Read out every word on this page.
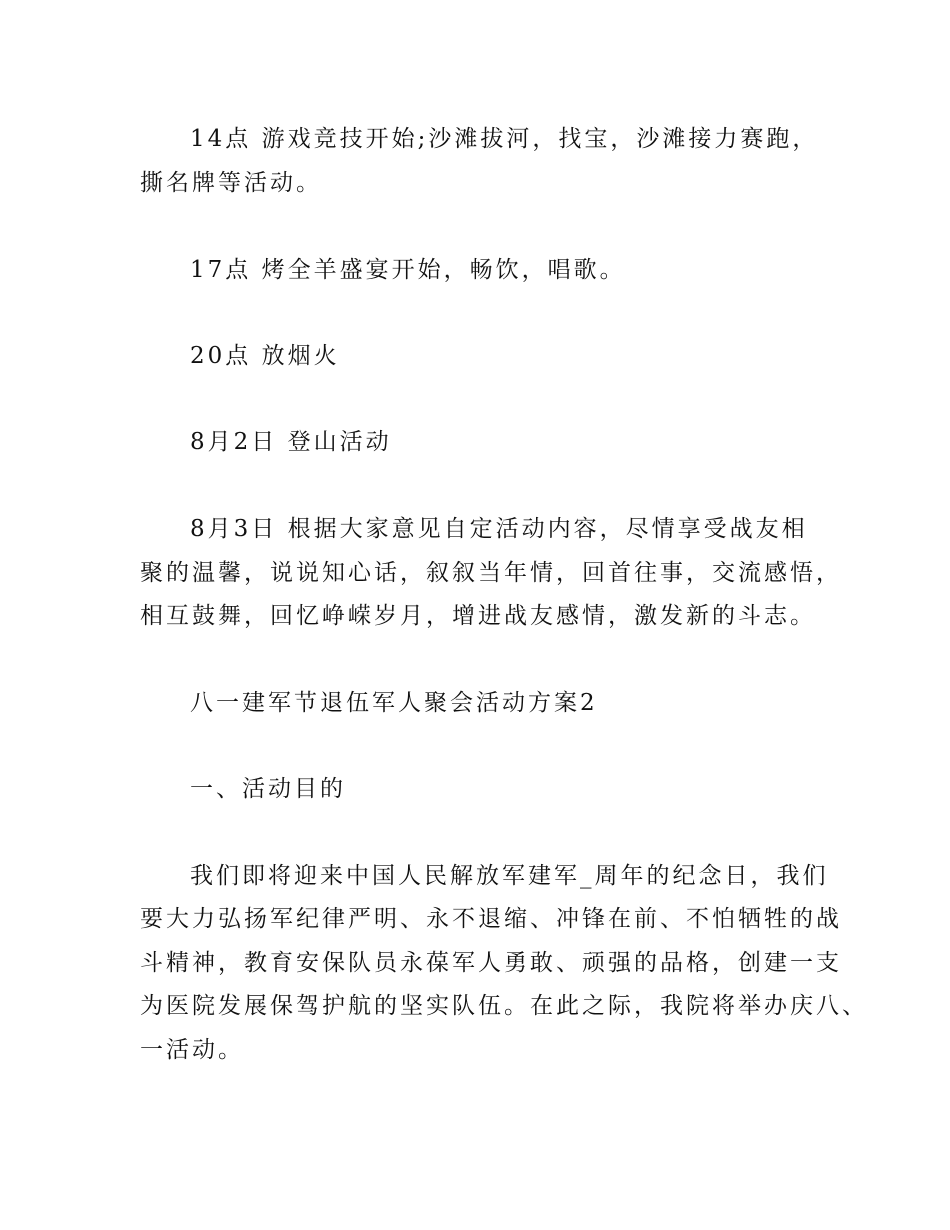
14点 游戏竞技开始;沙滩拔河，找宝，沙滩接力赛跑，

撕名牌等活动。

17点 烤全羊盛宴开始，畅饮，唱歌。

20点 放烟火

8月2日 登山活动

8月3日 根据大家意见自定活动内容，尽情享受战友相

聚的温馨，说说知心话，叙叙当年情，回首往事，交流感悟，

相互鼓舞，回忆峥嵘岁月，增进战友感情，激发新的斗志。

八一建军节退伍军人聚会活动方案2

一、活动目的

我们即将迎来中国人民解放军建军_周年的纪念日，我们

要大力弘扬军纪律严明、永不退缩、冲锋在前、不怕牺牲的战

斗精神，教育安保队员永葆军人勇敢、顽强的品格，创建一支

为医院发展保驾护航的坚实队伍。在此之际，我院将举办庆八、

一活动。
